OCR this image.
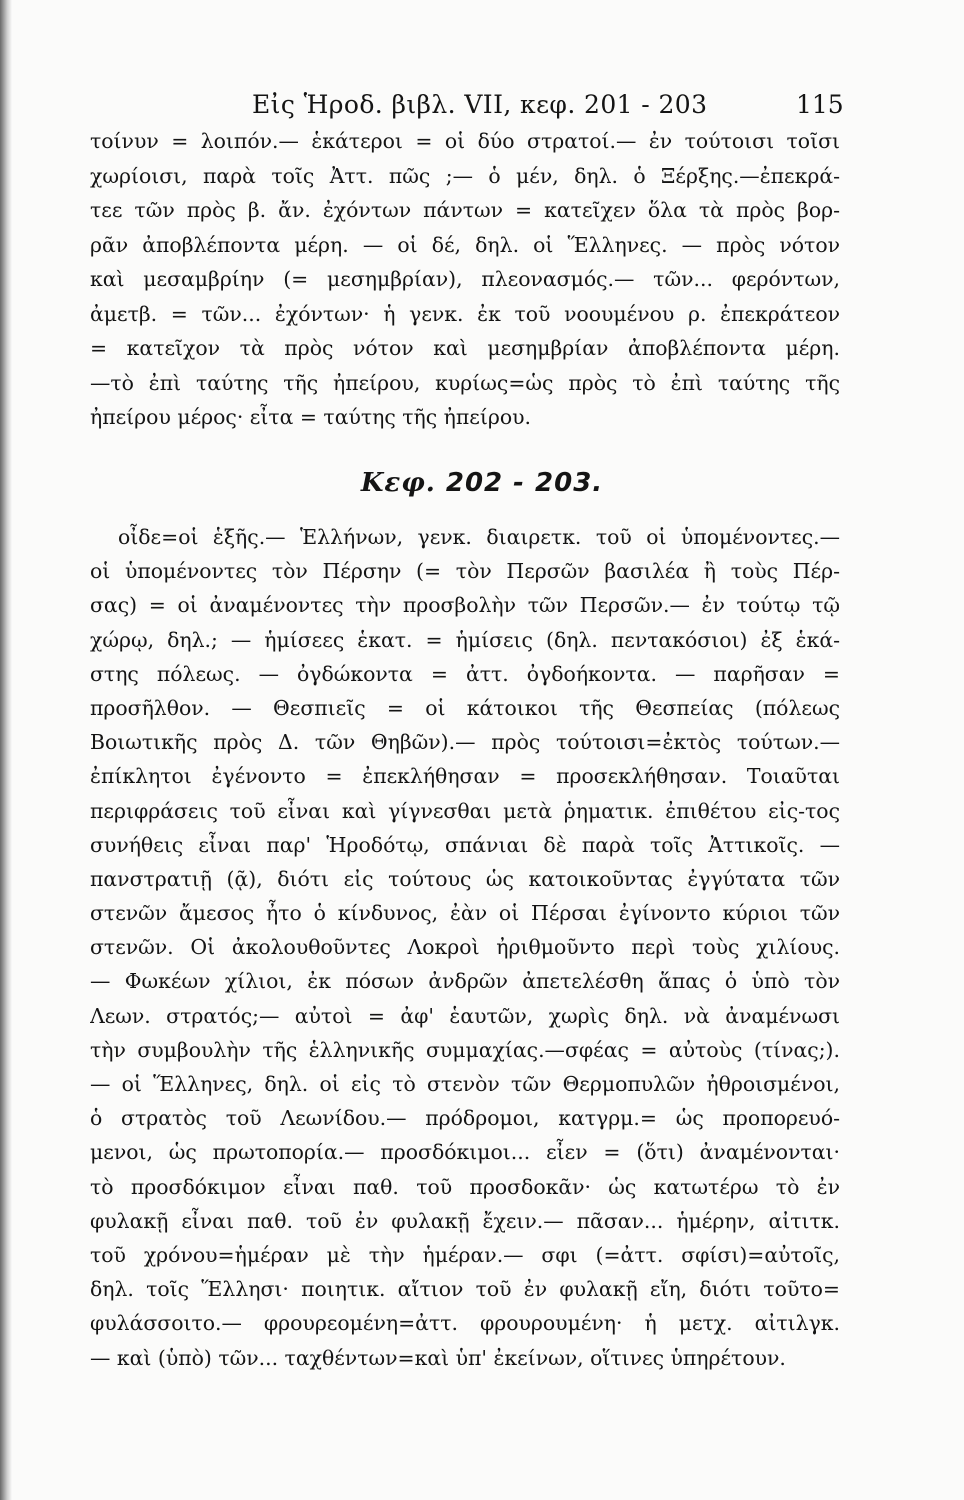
Εἰς Ἡροδ. βιβλ. VII, κεφ. 201 - 203	115
τοίνυν = λοιπόν.— ἑκάτεροι = οἱ δύο στρατοί.— ἐν τούτοισι τοῖσι
χωρίοισι, παρὰ τοῖς Ἀττ. πῶς ;— ὁ μέν, δηλ. ὁ Ξέρξης.—ἐπεκρά-
τεε τῶν πρὸς β. ἄν. ἐχόντων πάντων = κατεῖχεν ὅλα τὰ πρὸς βορ-
ρᾶν ἀποβλέποντα μέρη. — οἱ δέ, δηλ. οἱ Ἕλληνες. — πρὸς νότον
καὶ μεσαμβρίην (= μεσημβρίαν), πλεονασμός.— τῶν... φερόντων,
ἀμετβ. = τῶν... ἐχόντων· ἡ γενκ. ἐκ τοῦ νοουμένου ρ. ἐπεκράτεον
= κατεῖχον τὰ πρὸς νότον καὶ μεσημβρίαν ἀποβλέποντα μέρη.
—τὸ ἐπὶ ταύτης τῆς ἠπείρου, κυρίως=ὡς πρὸς τὸ ἐπὶ ταύτης τῆς
ἠπείρου μέρος· εἶτα = ταύτης τῆς ἠπείρου.
Κεφ. 202 - 203.
οἶδε=οἱ ἑξῆς.— Ἑλλήνων, γενκ. διαιρετκ. τοῦ οἱ ὑπομένοντες.—
οἱ ὑπομένοντες τὸν Πέρσην (= τὸν Περσῶν βασιλέα ἢ τοὺς Πέρ-
σας) = οἱ ἀναμένοντες τὴν προσβολὴν τῶν Περσῶν.— ἐν τούτῳ τῷ
χώρῳ, δηλ.; — ἡμίσεες ἑκατ. = ἡμίσεις (δηλ. πεντακόσιοι) ἐξ ἑκά-
στης πόλεως. — ὀγδώκοντα = ἀττ. ὀγδοήκοντα. — παρῆσαν =
προσῆλθον. — Θεσπιεῖς = οἱ κάτοικοι τῆς Θεσπείας (πόλεως
Βοιωτικῆς πρὸς Δ. τῶν Θηβῶν).— πρὸς τούτοισι=ἐκτὸς τούτων.—
ἐπίκλητοι ἐγένοντο = ἐπεκλήθησαν = προσεκλήθησαν. Τοιαῦται
περιφράσεις τοῦ εἶναι καὶ γίγνεσθαι μετὰ ῥηματικ. ἐπιθέτου εἰς-τος
συνήθεις εἶναι παρ' Ἡροδότῳ, σπάνιαι δὲ παρὰ τοῖς Ἀττικοῖς. —
πανστρατιῇ (ᾷ), διότι εἰς τούτους ὡς κατοικοῦντας ἐγγύτατα τῶν
στενῶν ἄμεσος ἦτο ὁ κίνδυνος, ἐὰν οἱ Πέρσαι ἐγίνοντο κύριοι τῶν
στενῶν. Οἱ ἀκολουθοῦντες Λοκροὶ ἠριθμοῦντο περὶ τοὺς χιλίους.
— Φωκέων χίλιοι, ἐκ πόσων ἀνδρῶν ἀπετελέσθη ἅπας ὁ ὑπὸ τὸν
Λεων. στρατός;— αὐτοὶ = ἀφ' ἑαυτῶν, χωρὶς δηλ. νὰ ἀναμένωσι
τὴν συμβουλὴν τῆς ἑλληνικῆς συμμαχίας.—σφέας = αὐτοὺς (τίνας;).
— οἱ Ἕλληνες, δηλ. οἱ εἰς τὸ στενὸν τῶν Θερμοπυλῶν ἠθροισμένοι,
ὁ στρατὸς τοῦ Λεωνίδου.— πρόδρομοι, κατγρμ.= ὡς προπορευό-
μενοι, ὡς πρωτοπορία.— προσδόκιμοι... εἶεν = (ὅτι) ἀναμένονται·
τὸ προσδόκιμον εἶναι παθ. τοῦ προσδοκᾶν· ὡς κατωτέρω τὸ ἐν
φυλακῇ εἶναι παθ. τοῦ ἐν φυλακῇ ἔχειν.— πᾶσαν... ἡμέρην, αἰτιτκ.
τοῦ χρόνου=ἡμέραν μὲ τὴν ἡμέραν.— σφι (=ἀττ. σφίσι)=αὐτοῖς,
δηλ. τοῖς Ἕλλησι· ποιητικ. αἴτιον τοῦ ἐν φυλακῇ εἴη, διότι τοῦτο=
φυλάσσοιτο.— φρουρεομένη=ἀττ. φρουρουμένη· ἡ μετχ. αἰτιλγκ.
— καὶ (ὑπὸ) τῶν... ταχθέντων=καὶ ὑπ' ἐκείνων, οἵτινες ὑπηρέτουν.
